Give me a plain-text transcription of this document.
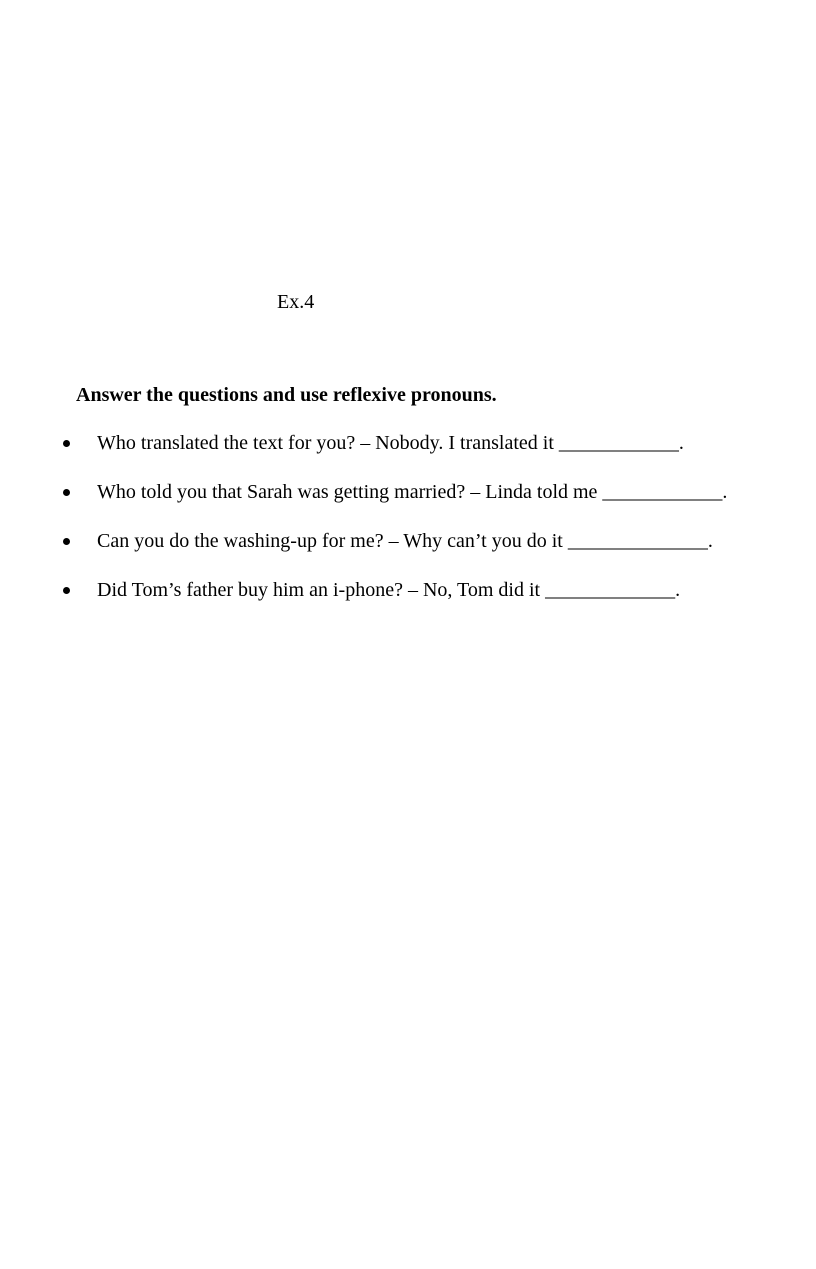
Ex.4
Answer the questions and use reflexive pronouns.
Who translated the text for you? – Nobody. I translated it ____________.
Who told you that Sarah was getting married? – Linda told me ____________.
Can you do the washing-up for me? – Why can’t you do it ______________.
Did Tom’s father buy him an i-phone? – No, Tom did it _____________.
